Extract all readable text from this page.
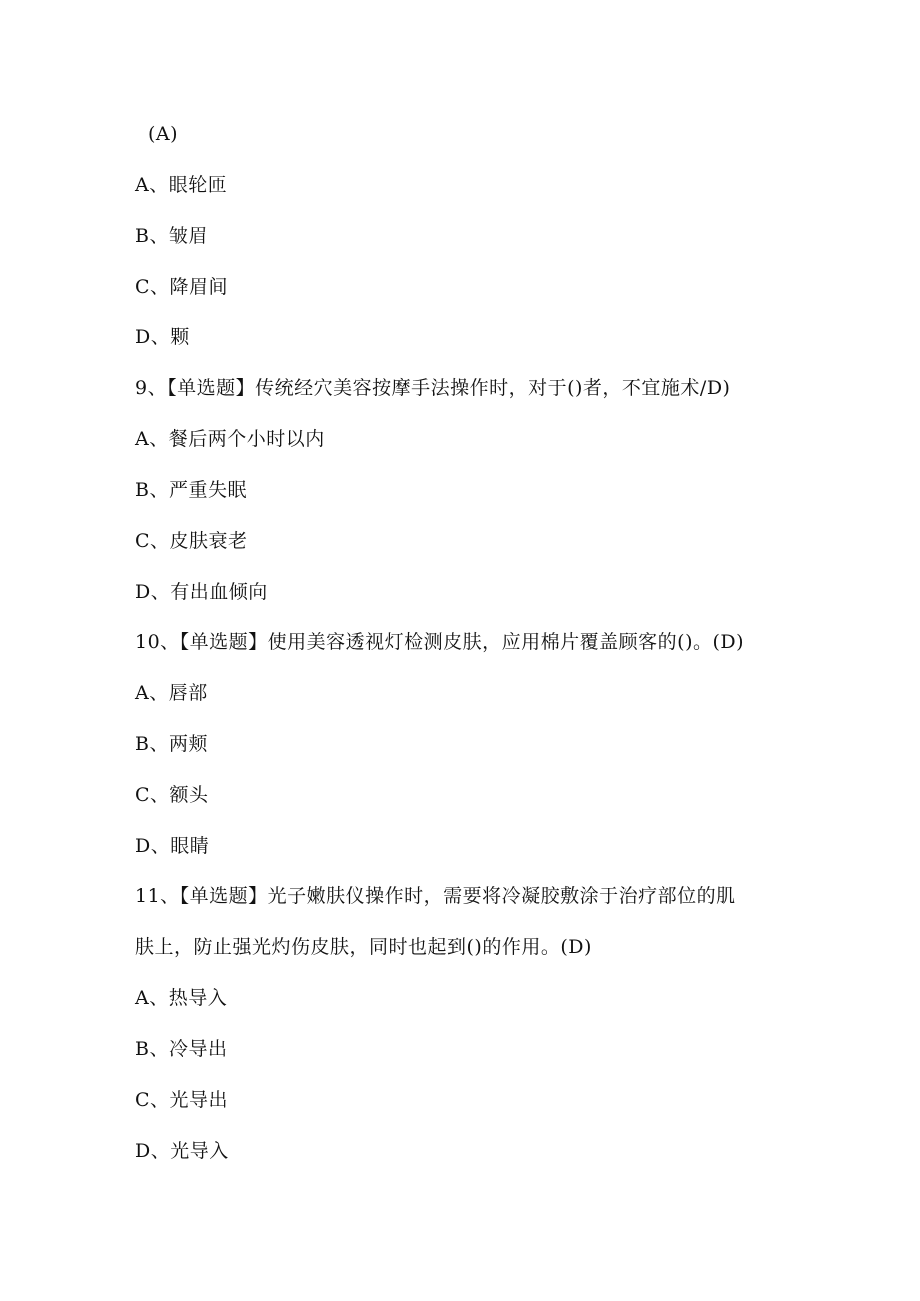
(A)
A、眼轮匝
B、皱眉
C、降眉间
D、颗
9、【单选题】传统经穴美容按摩手法操作时，对于()者，不宜施术/D)
A、餐后两个小时以内
B、严重失眠
C、皮肤衰老
D、有出血倾向
10、【单选题】使用美容透视灯检测皮肤，应用棉片覆盖顾客的()。(D)
A、唇部
B、两颊
C、额头
D、眼睛
11、【单选题】光子嫩肤仪操作时，需要将冷凝胶敷涂于治疗部位的肌
肤上，防止强光灼伤皮肤，同时也起到()的作用。(D)
A、热导入
B、冷导出
C、光导出
D、光导入
